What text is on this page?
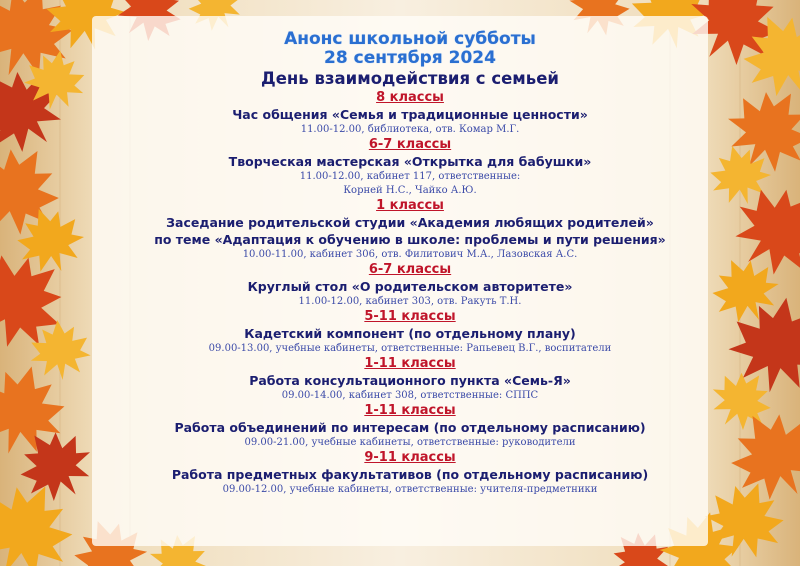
Анонс школьной субботы
28 сентября 2024
День взаимодействия с семьей
8 классы
Час общения «Семья и традиционные ценности»
11.00-12.00, библиотека, отв. Комар М.Г.
6-7 классы
Творческая мастерская «Открытка для бабушки»
11.00-12.00, кабинет 117, ответственные:
Корней Н.С., Чайко А.Ю.
1 классы
Заседание родительской студии «Академия любящих родителей»
по теме «Адаптация к обучению в школе: проблемы и пути решения»
10.00-11.00, кабинет 306, отв. Филитович М.А., Лазовская А.С.
6-7 классы
Круглый стол «О родительском авторитете»
11.00-12.00, кабинет 303, отв. Ракуть Т.Н.
5-11 классы
Кадетский компонент (по отдельному плану)
09.00-13.00, учебные кабинеты, ответственные: Рапьевец В.Г., воспитатели
1-11 классы
Работа консультационного пункта «Семь-Я»
09.00-14.00, кабинет 308, ответственные: СППС
1-11 классы
Работа объединений по интересам (по отдельному расписанию)
09.00-21.00, учебные кабинеты, ответственные: руководители
9-11 классы
Работа предметных факультативов (по отдельному расписанию)
09.00-12.00, учебные кабинеты, ответственные: учителя-предметники
